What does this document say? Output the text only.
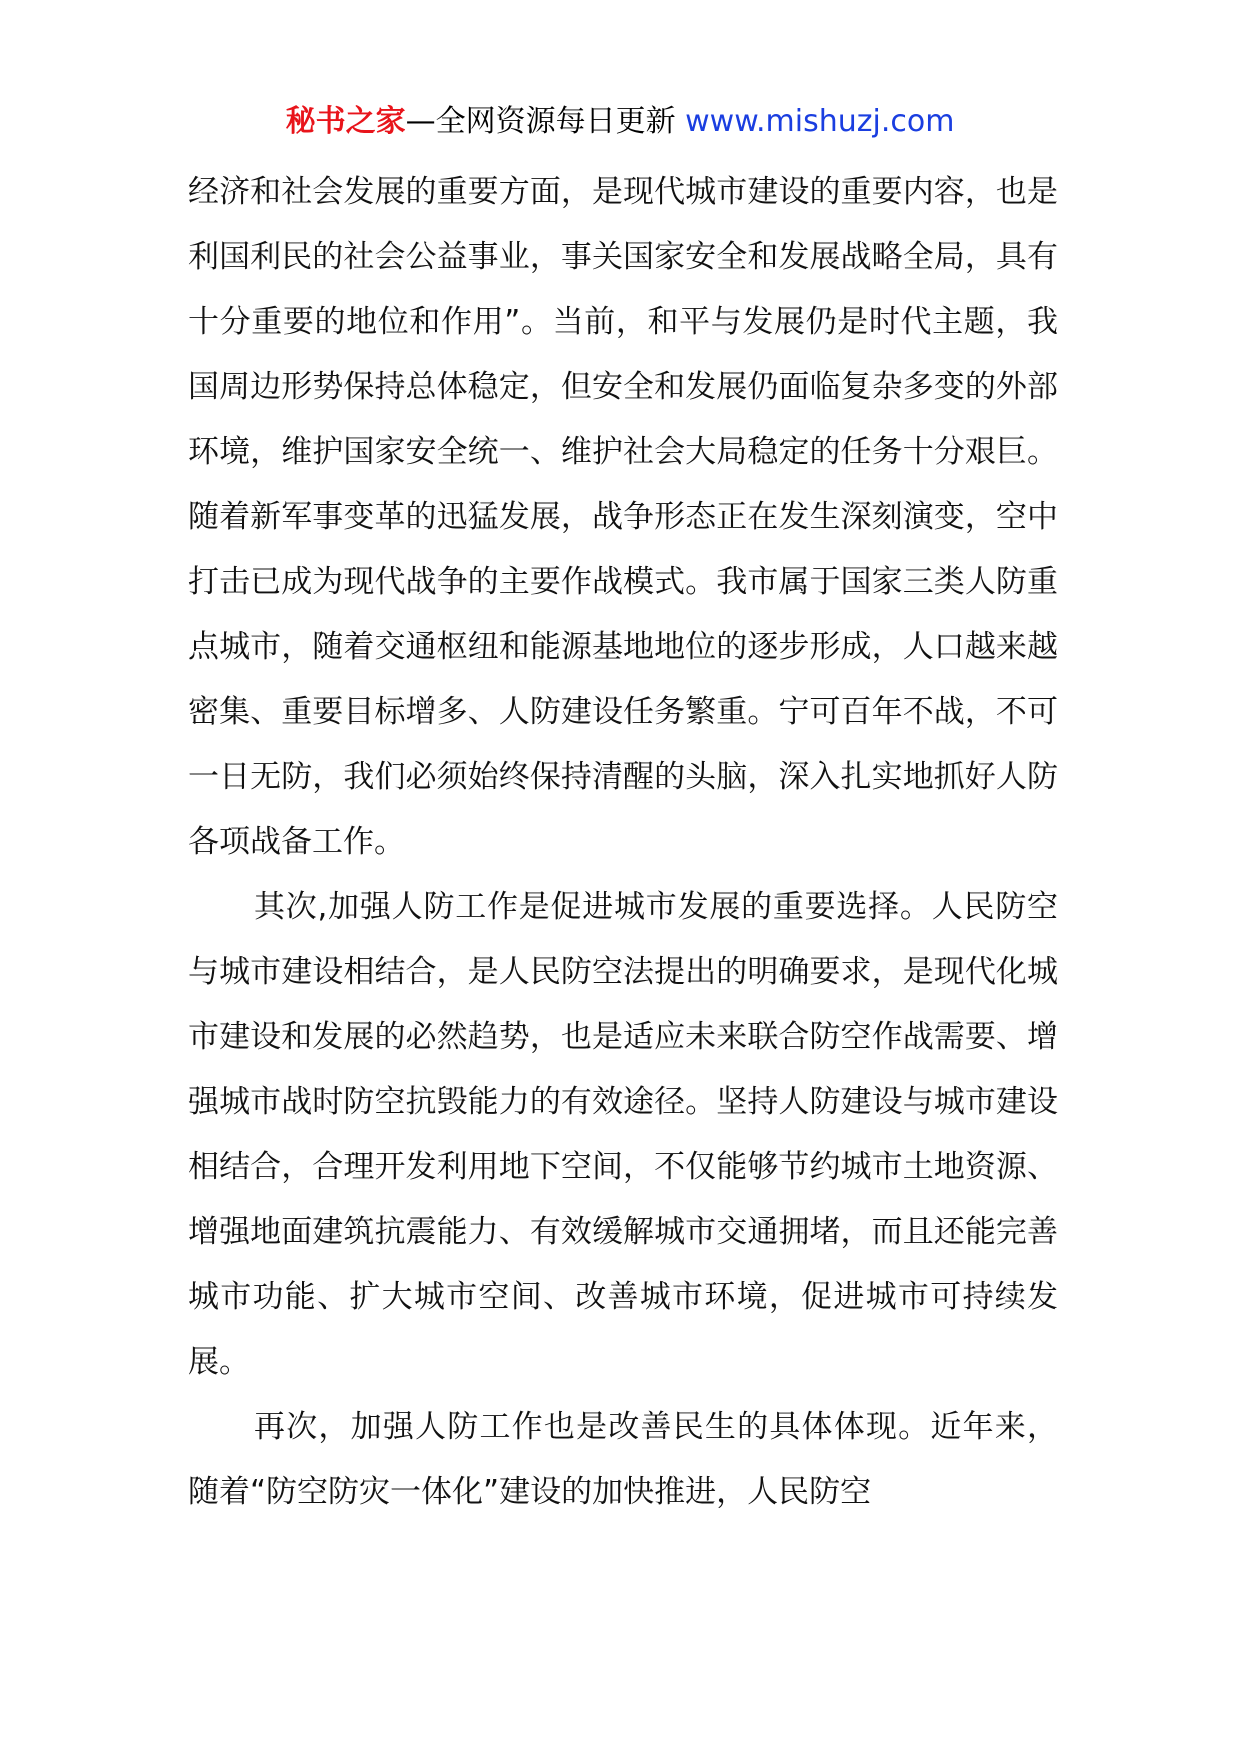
秘书之家—全网资源每日更新 www.mishuzj.com

经济和社会发展的重要方面，是现代城市建设的重要内容，也是利国利民的社会公益事业，事关国家安全和发展战略全局，具有十分重要的地位和作用”。当前，和平与发展仍是时代主题，我国周边形势保持总体稳定，但安全和发展仍面临复杂多变的外部环境，维护国家安全统一、维护社会大局稳定的任务十分艰巨。随着新军事变革的迅猛发展，战争形态正在发生深刻演变，空中打击已成为现代战争的主要作战模式。我市属于国家三类人防重点城市，随着交通枢纽和能源基地地位的逐步形成，人口越来越密集、重要目标增多、人防建设任务繁重。宁可百年不战，不可一日无防，我们必须始终保持清醒的头脑，深入扎实地抓好人防各项战备工作。

其次,加强人防工作是促进城市发展的重要选择。人民防空与城市建设相结合，是人民防空法提出的明确要求，是现代化城市建设和发展的必然趋势，也是适应未来联合防空作战需要、增强城市战时防空抗毁能力的有效途径。坚持人防建设与城市建设相结合，合理开发利用地下空间，不仅能够节约城市土地资源、增强地面建筑抗震能力、有效缓解城市交通拥堵，而且还能完善城市功能、扩大城市空间、改善城市环境，促进城市可持续发展。

再次，加强人防工作也是改善民生的具体体现。近年来，随着“防空防灾一体化”建设的加快推进，人民防空
